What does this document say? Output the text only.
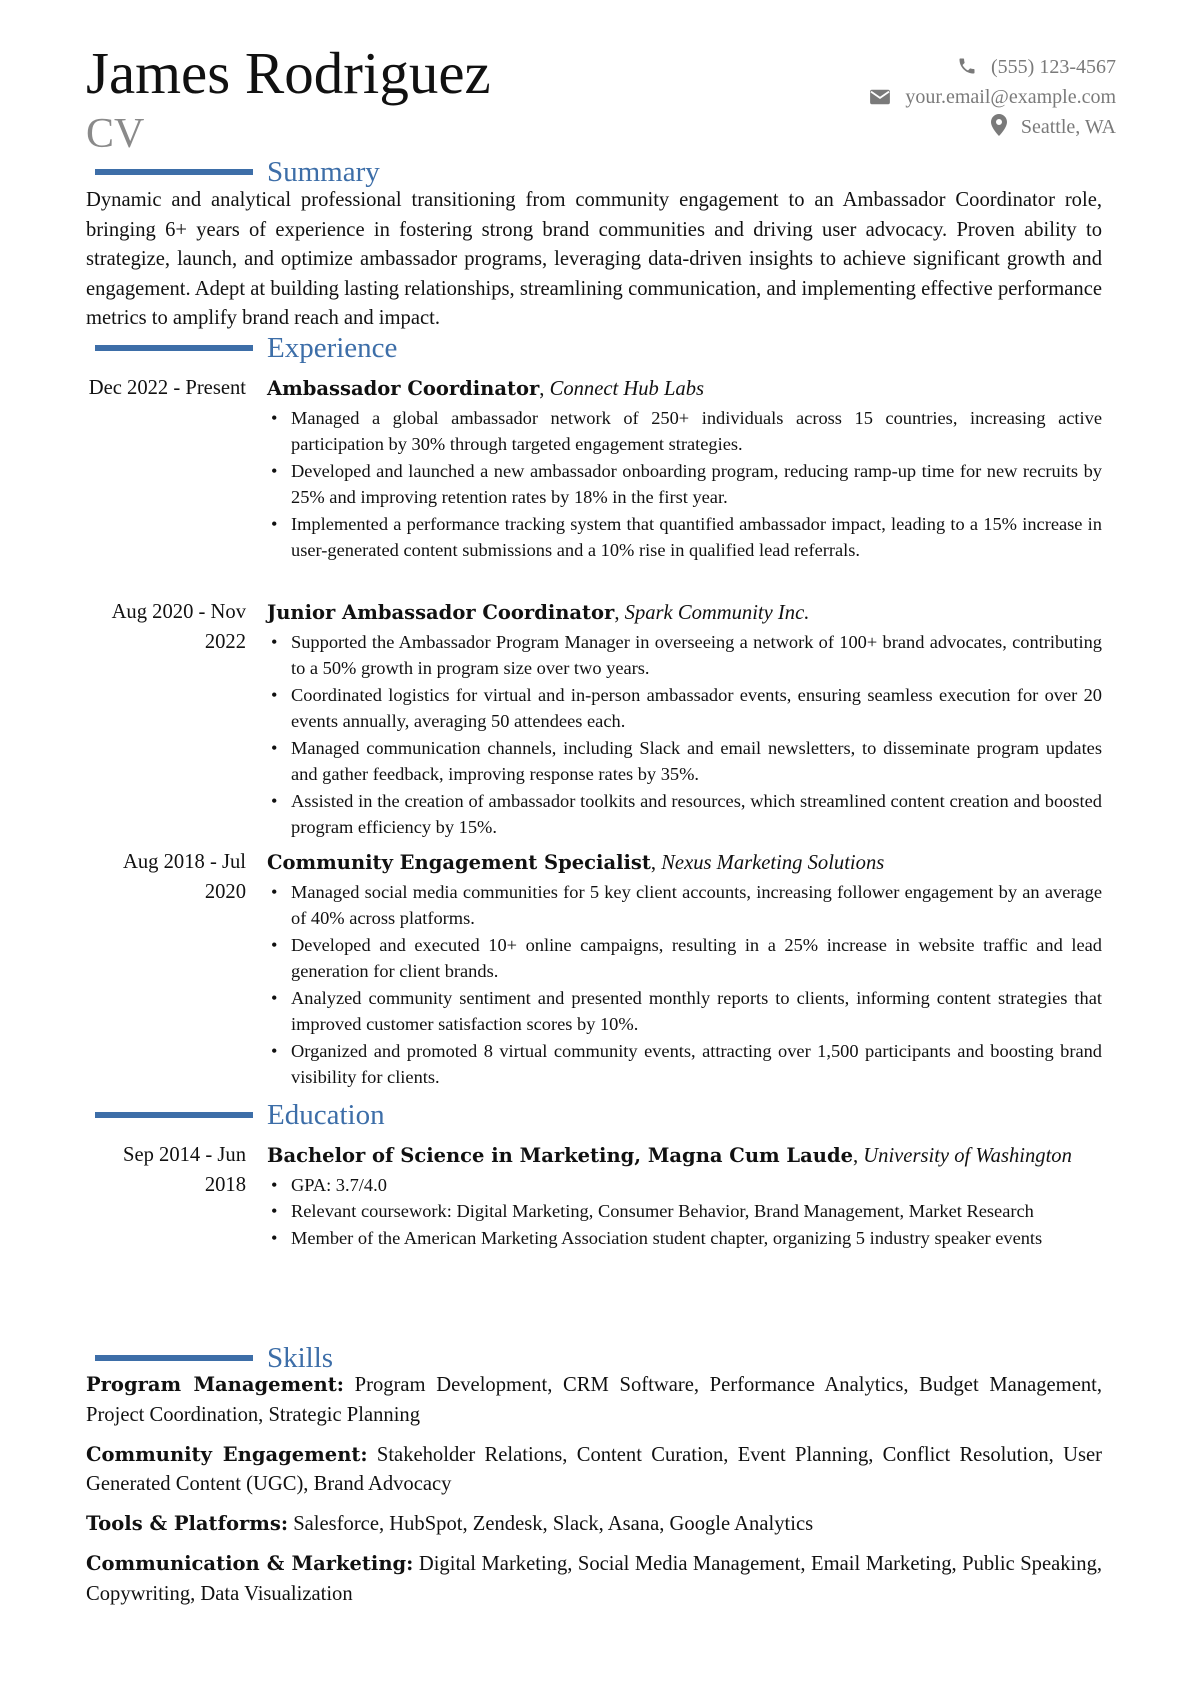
James Rodriguez
CV
(555) 123-4567
your.email@example.com
Seattle, WA
Summary
Dynamic and analytical professional transitioning from community engagement to an Ambassador Coordinator role, bringing 6+ years of experience in fostering strong brand communities and driving user advocacy. Proven ability to strategize, launch, and optimize ambassador programs, leveraging data-driven insights to achieve significant growth and engagement. Adept at building lasting relationships, streamlining communication, and implementing effective performance metrics to amplify brand reach and impact.
Experience
Dec 2022 - Present Ambassador Coordinator, Connect Hub Labs
• Managed a global ambassador network of 250+ individuals across 15 countries, increasing active participation by 30% through targeted engagement strategies.
• Developed and launched a new ambassador onboarding program, reducing ramp-up time for new recruits by 25% and improving retention rates by 18% in the first year.
• Implemented a performance tracking system that quantified ambassador impact, leading to a 15% increase in user-generated content submissions and a 10% rise in qualified lead referrals.
Aug 2020 - Nov 2022
Junior Ambassador Coordinator, Spark Community Inc.
• Supported the Ambassador Program Manager in overseeing a network of 100+ brand advocates, contributing to a 50% growth in program size over two years.
• Coordinated logistics for virtual and in-person ambassador events, ensuring seamless execution for over 20 events annually, averaging 50 attendees each.
• Managed communication channels, including Slack and email newsletters, to disseminate program updates and gather feedback, improving response rates by 35%.
• Assisted in the creation of ambassador toolkits and resources, which streamlined content creation and boosted program efficiency by 15%.
Aug 2018 - Jul 2020
Community Engagement Specialist, Nexus Marketing Solutions
• Managed social media communities for 5 key client accounts, increasing follower engagement by an average of 40% across platforms.
• Developed and executed 10+ online campaigns, resulting in a 25% increase in website traffic and lead generation for client brands.
• Analyzed community sentiment and presented monthly reports to clients, informing content strategies that improved customer satisfaction scores by 10%.
• Organized and promoted 8 virtual community events, attracting over 1,500 participants and boosting brand visibility for clients.
Education
Sep 2014 - Jun 2018
Bachelor of Science in Marketing, Magna Cum Laude, University of Washington
• GPA: 3.7/4.0
• Relevant coursework: Digital Marketing, Consumer Behavior, Brand Management, Market Research
• Member of the American Marketing Association student chapter, organizing 5 industry speaker events
Skills
Program Management: Program Development, CRM Software, Performance Analytics, Budget Management, Project Coordination, Strategic Planning
Community Engagement: Stakeholder Relations, Content Curation, Event Planning, Conflict Resolution, User Generated Content (UGC), Brand Advocacy
Tools & Platforms: Salesforce, HubSpot, Zendesk, Slack, Asana, Google Analytics
Communication & Marketing: Digital Marketing, Social Media Management, Email Marketing, Public Speaking, Copywriting, Data Visualization
